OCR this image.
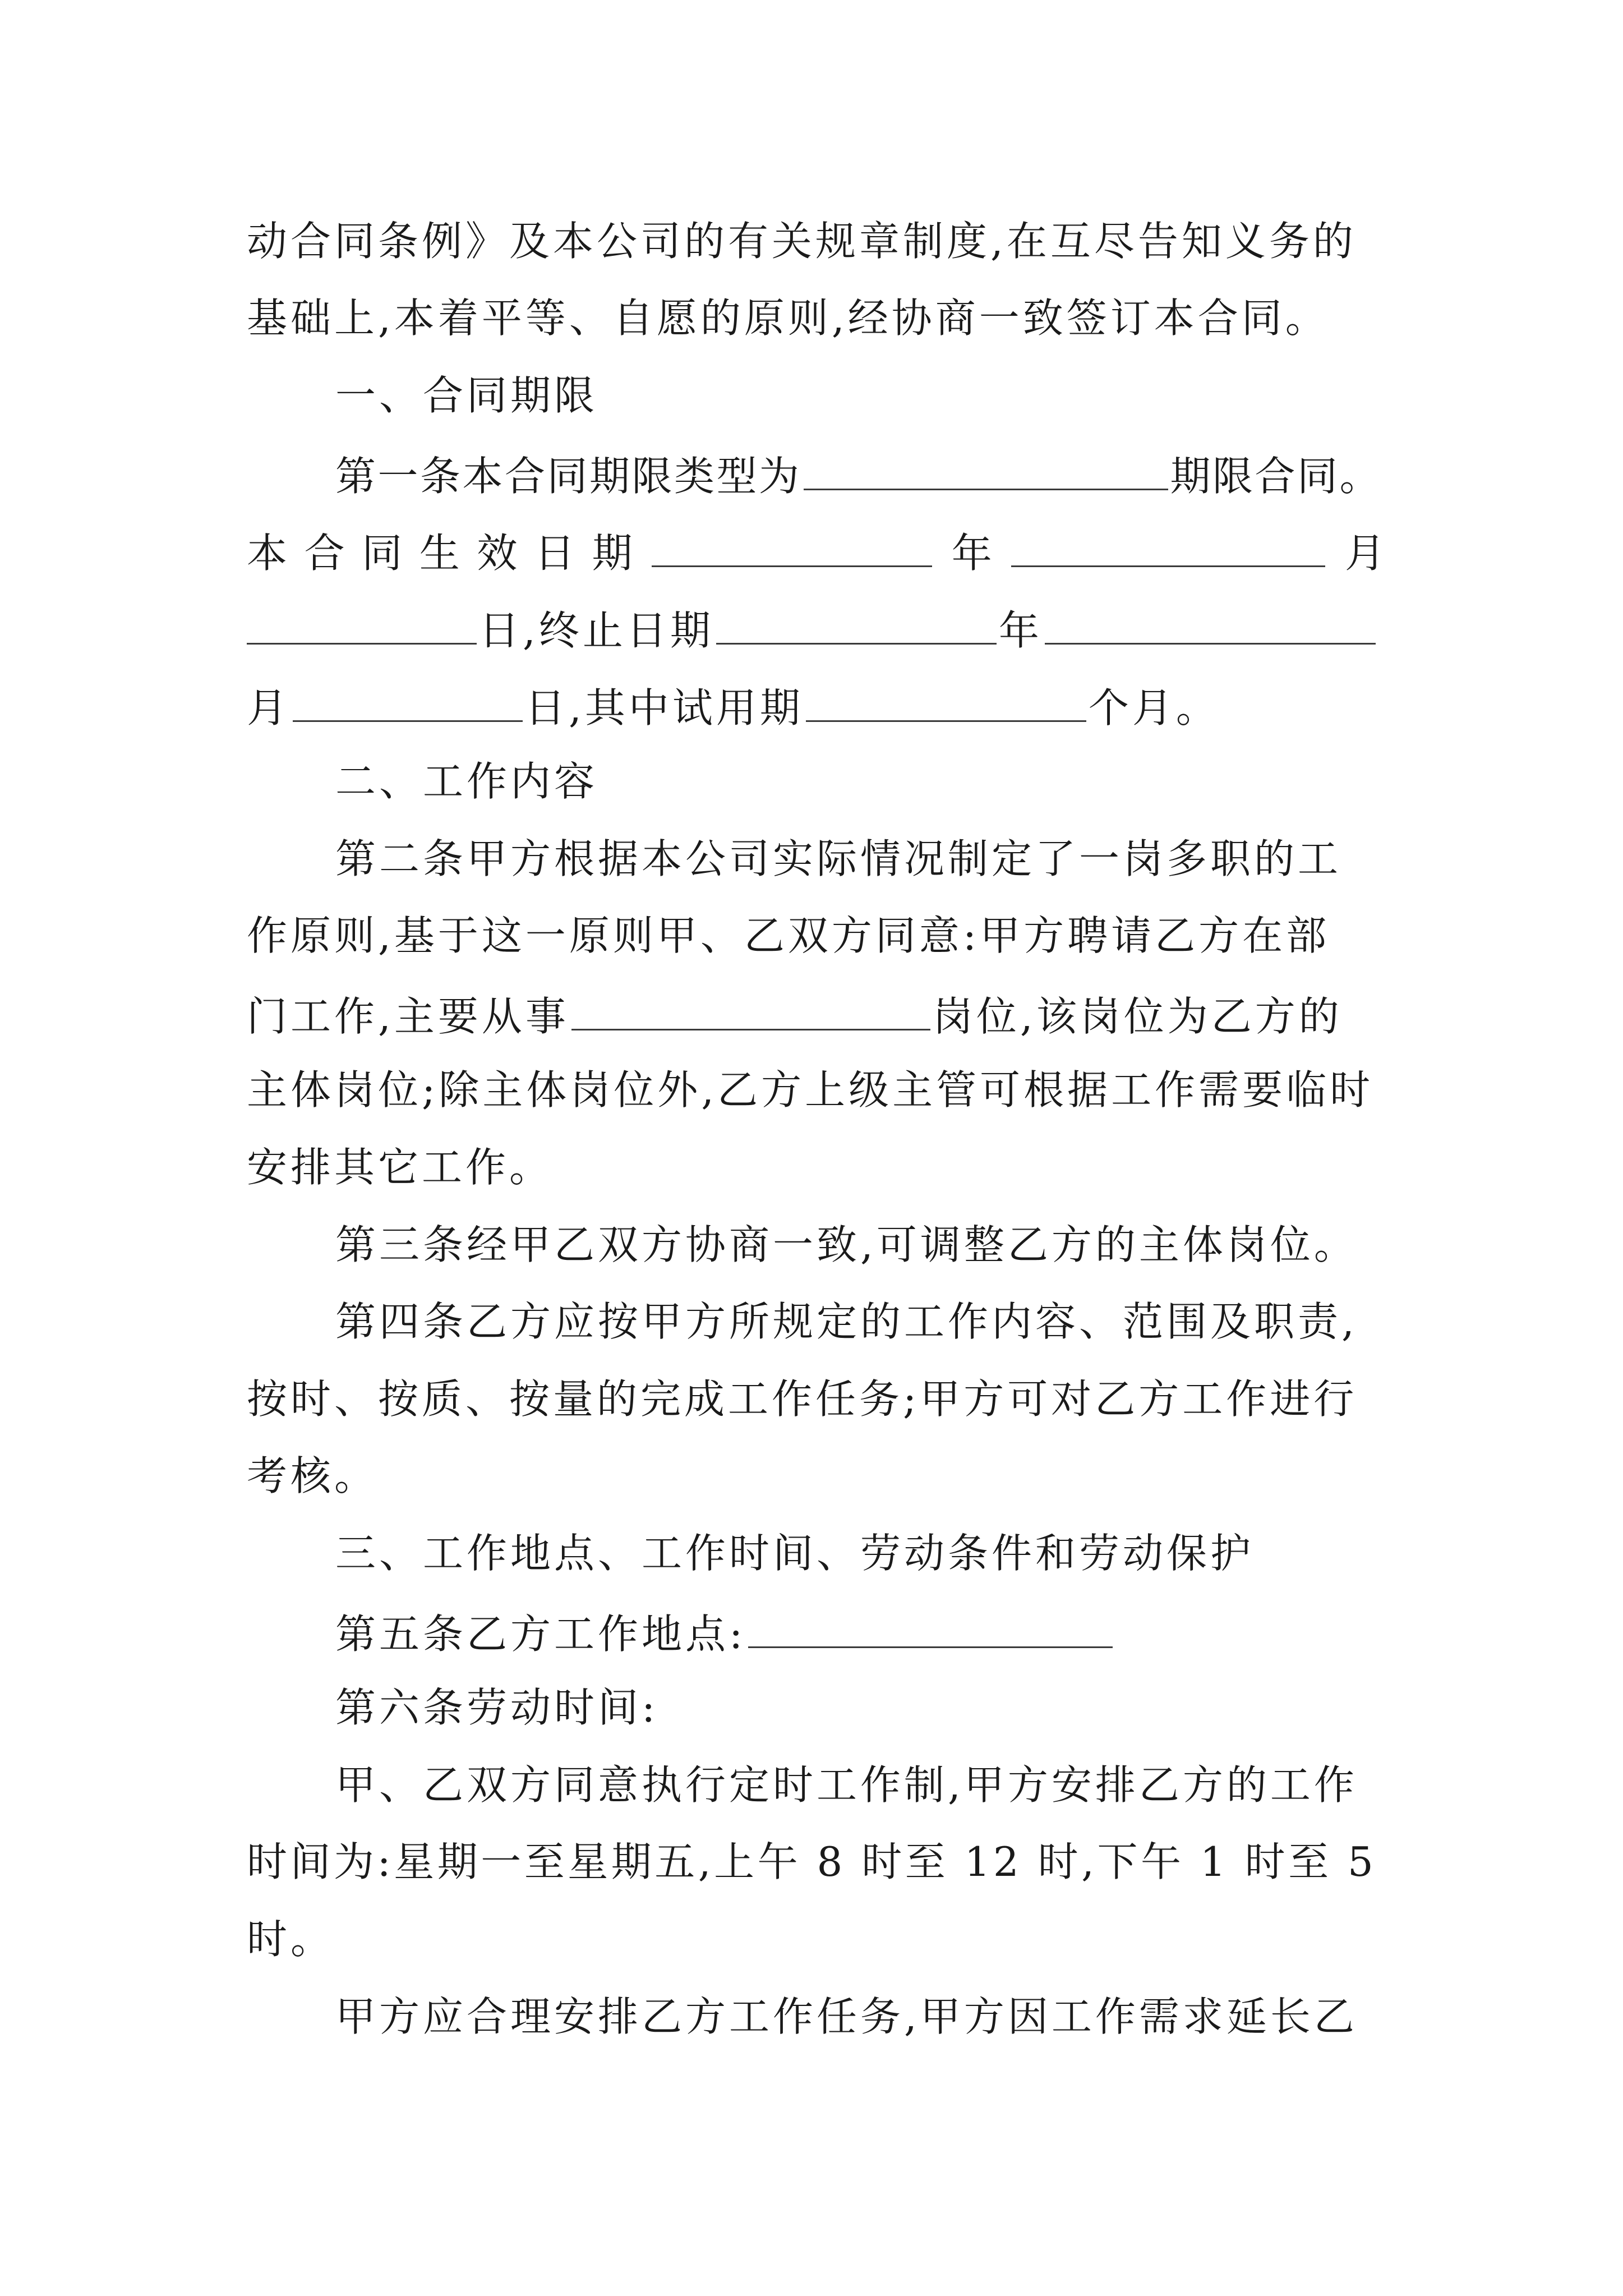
动合同条例》及本公司的有关规章制度,在互尽告知义务的
基础上,本着平等、自愿的原则,经协商一致签订本合同。
一、合同期限
第一条本合同期限类型为	期限合同。
本 合 同 生 效 日 期	年	月
日,终止日期	年
月	日,其中试用期	个月。
二、工作内容
第二条甲方根据本公司实际情况制定了一岗多职的工
作原则,基于这一原则甲、乙双方同意:甲方聘请乙方在部
门工作,主要从事	岗位,该岗位为乙方的
主体岗位;除主体岗位外,乙方上级主管可根据工作需要临时
安排其它工作。
第三条经甲乙双方协商一致,可调整乙方的主体岗位。
第四条乙方应按甲方所规定的工作内容、范围及职责,
按时、按质、按量的完成工作任务;甲方可对乙方工作进行
考核。
三、工作地点、工作时间、劳动条件和劳动保护
第五条乙方工作地点:
第六条劳动时间:
甲、乙双方同意执行定时工作制,甲方安排乙方的工作
时间为:星期一至星期五,上午 8 时至 12 时,下午 1 时至 5
时。
甲方应合理安排乙方工作任务,甲方因工作需求延长乙
